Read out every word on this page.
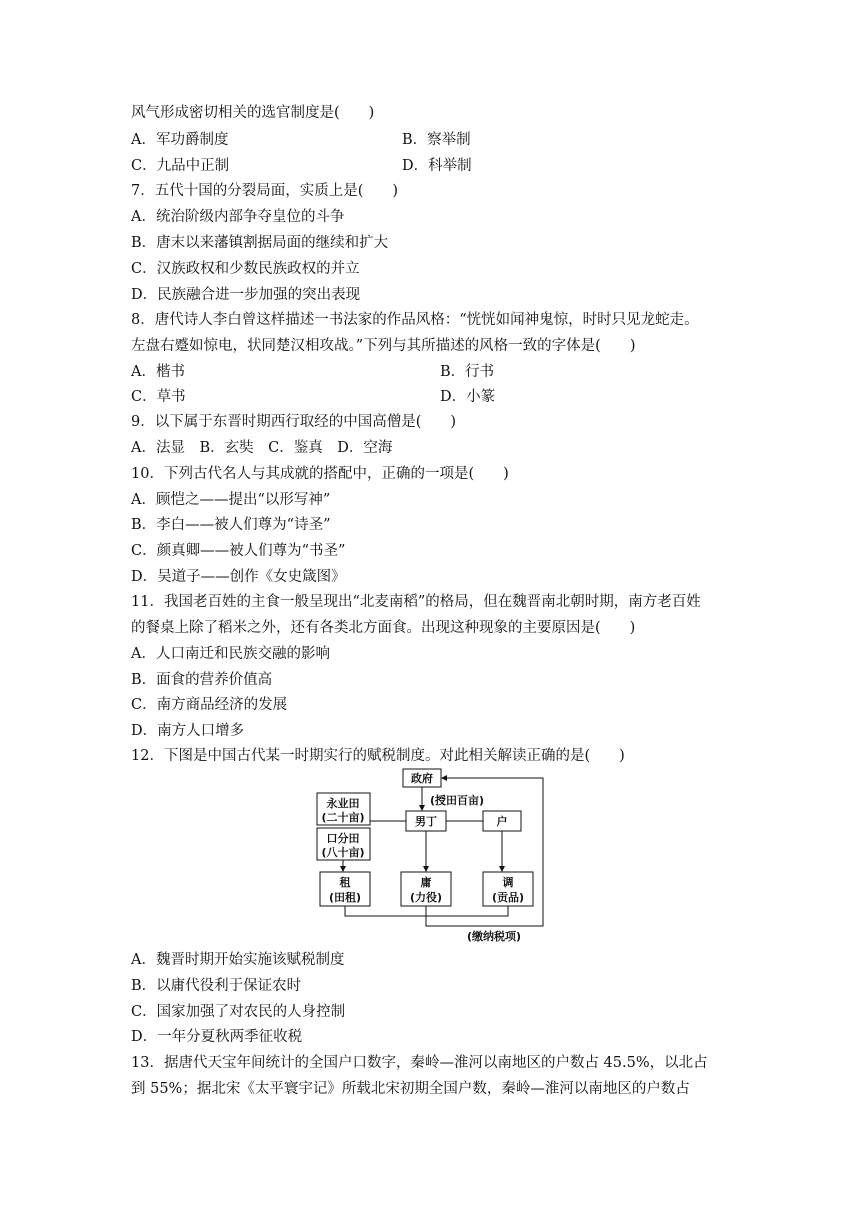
风气形成密切相关的选官制度是(　　)
A．军功爵制度	B．察举制
C．九品中正制	D．科举制
7．五代十国的分裂局面，实质上是(　　)
A．统治阶级内部争夺皇位的斗争
B．唐末以来藩镇割据局面的继续和扩大
C．汉族政权和少数民族政权的并立
D．民族融合进一步加强的突出表现
8．唐代诗人李白曾这样描述一书法家的作品风格：“恍恍如闻神鬼惊，时时只见龙蛇走。
左盘右蹙如惊电，状同楚汉相攻战。”下列与其所描述的风格一致的字体是(　　)
A．楷书	B．行书
C．草书	D．小篆
9．以下属于东晋时期西行取经的中国高僧是(　　)
A．法显　B．玄奘　C．鉴真　D．空海
10．下列古代名人与其成就的搭配中，正确的一项是(　　)
A．顾恺之——提出“以形写神”
B．李白——被人们尊为“诗圣”
C．颜真卿——被人们尊为“书圣”
D．吴道子——创作《女史箴图》
11．我国老百姓的主食一般呈现出“北麦南稻”的格局，但在魏晋南北朝时期，南方老百姓
的餐桌上除了稻米之外，还有各类北方面食。出现这种现象的主要原因是(　　)
A．人口南迁和民族交融的影响
B．面食的营养价值高
C．南方商品经济的发展
D．南方人口增多
12．下图是中国古代某一时期实行的赋税制度。对此相关解读正确的是(　　)
政府
(授田百亩)
永业田
(二十亩)
口分田
(八十亩)
男丁	户
租
(田租)
庸
(力役)
调
(贡品)
(缴纳税项)
A．魏晋时期开始实施该赋税制度
B．以庸代役利于保证农时
C．国家加强了对农民的人身控制
D．一年分夏秋两季征收税
13．据唐代天宝年间统计的全国户口数字，秦岭—淮河以南地区的户数占 45.5%，以北占
到 55%；据北宋《太平寰宇记》所载北宋初期全国户数，秦岭—淮河以南地区的户数占
